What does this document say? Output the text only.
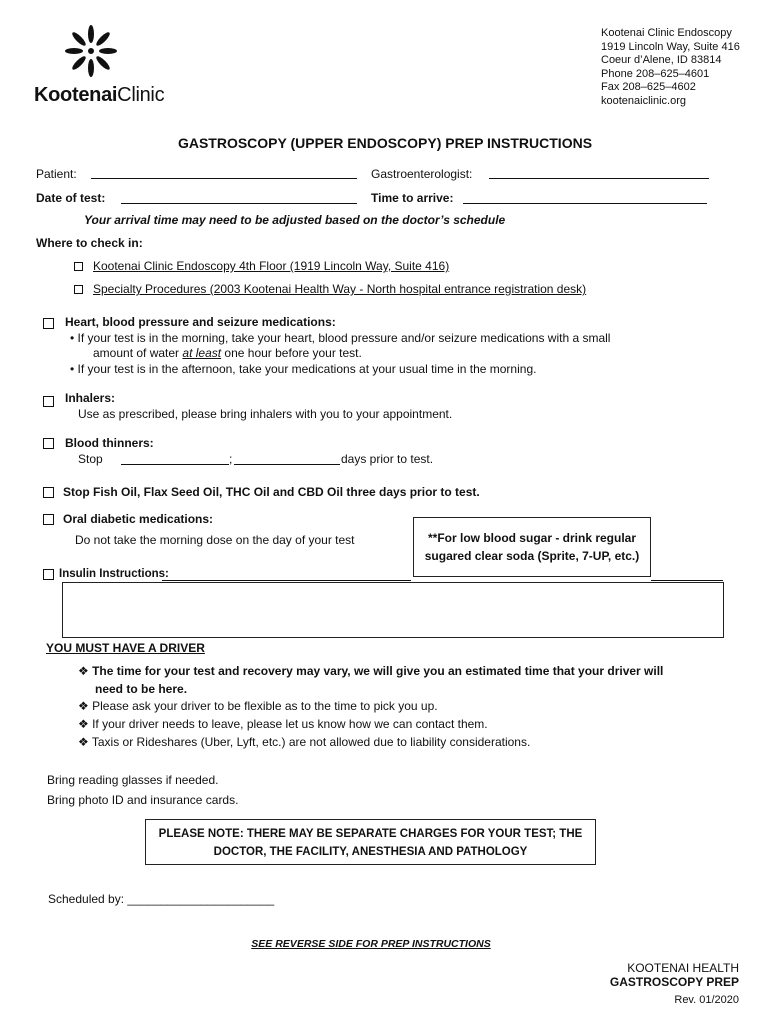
KootenaiClinic
Kootenai Clinic Endoscopy
1919 Lincoln Way, Suite 416
Coeur d’Alene, ID 83814
Phone 208–625–4601
Fax 208–625–4602
kootenaiclinic.org
GASTROSCOPY (UPPER ENDOSCOPY) PREP INSTRUCTIONS
Patient:	Gastroenterologist:
Date of test:	Time to arrive:
Your arrival time may need to be adjusted based on the doctor’s schedule
Where to check in:
Kootenai Clinic Endoscopy 4th Floor (1919 Lincoln Way, Suite 416)
Specialty Procedures (2003 Kootenai Health Way - North hospital entrance registration desk)
Heart, blood pressure and seizure medications:
• If your test is in the morning, take your heart, blood pressure and/or seizure medications with a small
amount of water at least one hour before your test.
• If your test is in the afternoon, take your medications at your usual time in the morning.
Inhalers:
Use as prescribed, please bring inhalers with you to your appointment.
Blood thinners:
Stop	;	days prior to test.
Stop Fish Oil, Flax Seed Oil, THC Oil and CBD Oil three days prior to test.
Oral diabetic medications:
Do not take the morning dose on the day of your test	**For low blood sugar - drink regular
sugared clear soda (Sprite, 7-UP, etc.)
Insulin Instructions:
YOU MUST HAVE A DRIVER
❖ The time for your test and recovery may vary, we will give you an estimated time that your driver will
need to be here.
❖ Please ask your driver to be flexible as to the time to pick you up.
❖ If your driver needs to leave, please let us know how we can contact them.
❖ Taxis or Rideshares (Uber, Lyft, etc.) are not allowed due to liability considerations.
Bring reading glasses if needed.
Bring photo ID and insurance cards.
PLEASE NOTE: THERE MAY BE SEPARATE CHARGES FOR YOUR TEST; THE
DOCTOR, THE FACILITY, ANESTHESIA AND PATHOLOGY
Scheduled by: ______________________
SEE REVERSE SIDE FOR PREP INSTRUCTIONS
KOOTENAI HEALTH
GASTROSCOPY PREP
Rev. 01/2020
